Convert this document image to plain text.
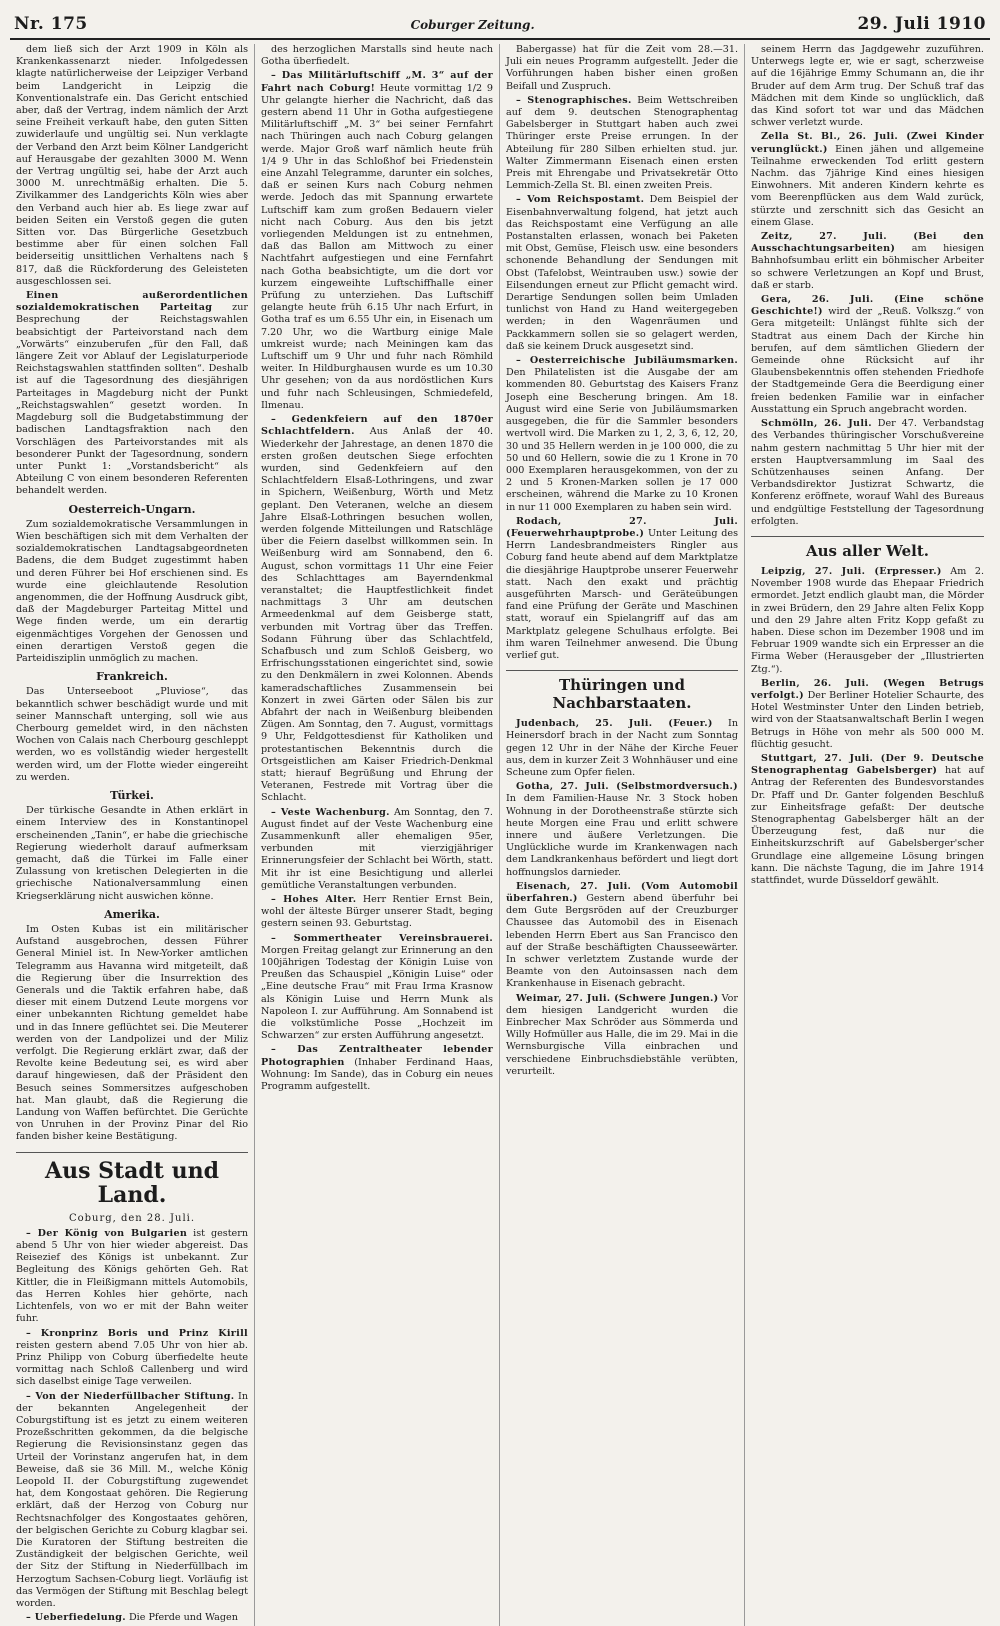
Nr. 175	Coburger Zeitung.	29. Juli 1910

dem ließ sich der Arzt 1909 in Köln als Krankenkassenarzt nieder. Infolgedessen klagte natürlicherweise der Leipziger Verband beim Landgericht in Leipzig die Konventionalstrafe ein. Das Gericht entschied aber, daß der Vertrag, indem nämlich der Arzt seine Freiheit verkauft habe, den guten Sitten zuwiderlaufe und ungültig sei. Nun verklagte der Verband den Arzt beim Kölner Landgericht auf Herausgabe der gezahlten 3000 M. Wenn der Vertrag ungültig sei, habe der Arzt auch 3000 M. unrechtmäßig erhalten. Die 5. Zivilkammer des Landgerichts Köln wies aber den Verband auch hier ab. Es liege zwar auf beiden Seiten ein Verstoß gegen die guten Sitten vor. Das Bürgerliche Gesetzbuch bestimme aber für einen solchen Fall beiderseitig unsittlichen Verhaltens nach § 817, daß die Rückforderung des Geleisteten ausgeschlossen sei.

Einen außerordentlichen sozialdemokratischen Parteitag zur Besprechung der Reichstagswahlen beabsichtigt der Parteivorstand nach dem „Vorwärts“ einzuberufen „für den Fall, daß längere Zeit vor Ablauf der Legislaturperiode Reichstagswahlen stattfinden sollten“. Deshalb ist auf die Tagesordnung des diesjährigen Parteitages in Magdeburg nicht der Punkt „Reichstagswahlen“ gesetzt worden. In Magdeburg soll die Budgetabstimmung der badischen Landtagsfraktion nach den Vorschlägen des Parteivorstandes mit als besonderer Punkt der Tagesordnung, sondern unter Punkt 1: „Vorstandsbericht“ als Abteilung C von einem besonderen Referenten behandelt werden.

Oesterreich-Ungarn.

Zum sozialdemokratische Versammlungen in Wien beschäftigen sich mit dem Verhalten der sozialdemokratischen Landtagsabgeordneten Badens, die dem Budget zugestimmt haben und deren Führer bei Hof erschienen sind. Es wurde eine gleichlautende Resolution angenommen, die der Hoffnung Ausdruck gibt, daß der Magdeburger Parteitag Mittel und Wege finden werde, um ein derartig eigenmächtiges Vorgehen der Genossen und einen derartigen Verstoß gegen die Parteidisziplin unmöglich zu machen.

Frankreich.

Das Unterseeboot „Pluviose“, das bekanntlich schwer beschädigt wurde und mit seiner Mannschaft unterging, soll wie aus Cherbourg gemeldet wird, in den nächsten Wochen von Calais nach Cherbourg geschleppt werden, wo es vollständig wieder hergestellt werden wird, um der Flotte wieder eingereiht zu werden.

Türkei.

Der türkische Gesandte in Athen erklärt in einem Interview des in Konstantinopel erscheinenden „Tanin“, er habe die griechische Regierung wiederholt darauf aufmerksam gemacht, daß die Türkei im Falle einer Zulassung von kretischen Delegierten in die griechische Nationalversammlung einen Kriegserklärung nicht auswichen könne.

Amerika.

Im Osten Kubas ist ein militärischer Aufstand ausgebrochen, dessen Führer General Miniel ist. In New-Yorker amtlichen Telegramm aus Havanna wird mitgeteilt, daß die Regierung über die Insurrektion des Generals und die Taktik erfahren habe, daß dieser mit einem Dutzend Leute morgens vor einer unbekannten Richtung gemeldet habe und in das Innere geflüchtet sei. Die Meuterer werden von der Landpolizei und der Miliz verfolgt. Die Regierung erklärt zwar, daß der Revolte keine Bedeutung sei, es wird aber darauf hingewiesen, daß der Präsident den Besuch seines Sommersitzes aufgeschoben hat. Man glaubt, daß die Regierung die Landung von Waffen befürchtet. Die Gerüchte von Unruhen in der Provinz Pinar del Rio fanden bisher keine Bestätigung.

Aus Stadt und Land.
Coburg, den 28. Juli.

– Der König von Bulgarien ist gestern abend 5 Uhr von hier wieder abgereist. Das Reisezief des Königs ist unbekannt. Zur Begleitung des Königs gehörten Geh. Rat Kittler, die in Fleißigmann mittels Automobils, das Herren Kohles hier gehörte, nach Lichtenfels, von wo er mit der Bahn weiter fuhr.

– Kronprinz Boris und Prinz Kirill reisten gestern abend 7.05 Uhr von hier ab. Prinz Philipp von Coburg überfiedelte heute vormittag nach Schloß Callenberg und wird sich daselbst einige Tage verweilen.

– Von der Niederfüllbacher Stiftung. In der bekannten Angelegenheit der Coburgstiftung ist es jetzt zu einem weiteren Prozeßschritten gekommen, da die belgische Regierung die Revisionsinstanz gegen das Urteil der Vorinstanz angerufen hat, in dem Beweise, daß sie 36 Mill. M., welche König Leopold II. der Coburgstiftung zugewendet hat, dem Kongostaat gehören. Die Regierung erklärt, daß der Herzog von Coburg nur Rechtsnachfolger des Kongostaates gehören, der belgischen Gerichte zu Coburg klagbar sei. Die Kuratoren der Stiftung bestreiten die Zuständigkeit der belgischen Gerichte, weil der Sitz der Stiftung in Niederfüllbach im Herzogtum Sachsen-Coburg liegt. Vorläufig ist das Vermögen der Stiftung mit Beschlag belegt worden.

– Ueberfiedelung. Die Pferde und Wagen

des herzoglichen Marstalls sind heute nach Gotha überfiedelt.

– Das Militärluftschiff „M. 3“ auf der Fahrt nach Coburg! Heute vormittag 1/2 9 Uhr gelangte hierher die Nachricht, daß das gestern abend 11 Uhr in Gotha aufgestiegene Militärluftschiff „M. 3“ bei seiner Fernfahrt nach Thüringen auch nach Coburg gelangen werde. Major Groß warf nämlich heute früh 1/4 9 Uhr in das Schloßhof bei Friedenstein eine Anzahl Telegramme, darunter ein solches, daß er seinen Kurs nach Coburg nehmen werde. Jedoch das mit Spannung erwartete Luftschiff kam zum großen Bedauern vieler nicht nach Coburg. Aus den bis jetzt vorliegenden Meldungen ist zu entnehmen, daß das Ballon am Mittwoch zu einer Nachtfahrt aufgestiegen und eine Fernfahrt nach Gotha beabsichtigte, um die dort vor kurzem eingeweihte Luftschiffhalle einer Prüfung zu unterziehen. Das Luftschiff gelangte heute früh 6.15 Uhr nach Erfurt, in Gotha traf es um 6.55 Uhr ein, in Eisenach um 7.20 Uhr, wo die Wartburg einige Male umkreist wurde; nach Meiningen kam das Luftschiff um 9 Uhr und fuhr nach Römhild weiter. In Hildburghausen wurde es um 10.30 Uhr gesehen; von da aus nordöstlichen Kurs und fuhr nach Schleusingen, Schmiedefeld, Ilmenau.

– Gedenkfeiern auf den 1870er Schlachtfeldern. Aus Anlaß der 40. Wiederkehr der Jahrestage, an denen 1870 die ersten großen deutschen Siege erfochten wurden, sind Gedenkfeiern auf den Schlachtfeldern Elsaß-Lothringens, und zwar in Spichern, Weißenburg, Wörth und Metz geplant. Den Veteranen, welche an diesem Jahre Elsaß-Lothringen besuchen wollen, werden folgende Mitteilungen und Ratschläge über die Feiern daselbst willkommen sein. In Weißenburg wird am Sonnabend, den 6. August, schon vormittags 11 Uhr eine Feier des Schlachttages am Bayerndenkmal veranstaltet; die Hauptfestlichkeit findet nachmittags 3 Uhr am deutschen Armeedenkmal auf dem Geisberge statt, verbunden mit Vortrag über das Treffen. Sodann Führung über das Schlachtfeld, Schafbusch und zum Schloß Geisberg, wo Erfrischungsstationen eingerichtet sind, sowie zu den Denkmälern in zwei Kolonnen. Abends kameradschaftliches Zusammensein bei Konzert in zwei Gärten oder Sälen bis zur Abfahrt der nach in Weißenburg bleibenden Zügen. Am Sonntag, den 7. August, vormittags 9 Uhr, Feldgottesdienst für Katholiken und protestantischen Bekenntnis durch die Ortsgeistlichen am Kaiser Friedrich-Denkmal statt; hierauf Begrüßung und Ehrung der Veteranen, Festrede mit Vortrag über die Schlacht.

– Veste Wachenburg. Am Sonntag, den 7. August findet auf der Veste Wachenburg eine Zusammenkunft aller ehemaligen 95er, verbunden mit vierzigjähriger Erinnerungsfeier der Schlacht bei Wörth, statt. Mit ihr ist eine Besichtigung und allerlei gemütliche Veranstaltungen verbunden.

– Hohes Alter. Herr Rentier Ernst Bein, wohl der älteste Bürger unserer Stadt, beging gestern seinen 93. Geburtstag.

– Sommertheater Vereinsbrauerei. Morgen Freitag gelangt zur Erinnerung an den 100jährigen Todestag der Königin Luise von Preußen das Schauspiel „Königin Luise“ oder „Eine deutsche Frau“ mit Frau Irma Krasnow als Königin Luise und Herrn Munk als Napoleon I. zur Aufführung. Am Sonnabend ist die volkstümliche Posse „Hochzeit im Schwarzen“ zur ersten Aufführung angesetzt.

– Das Zentraltheater lebender Photographien (Inhaber Ferdinand Haas, Wohnung: Im Sande), das in Coburg ein neues Programm aufgestellt.

Babergasse) hat für die Zeit vom 28.—31. Juli ein neues Programm aufgestellt. Jeder die Vorführungen haben bisher einen großen Beifall und Zuspruch.

– Stenographisches. Beim Wettschreiben auf dem 9. deutschen Stenographentag Gabelsberger in Stuttgart haben auch zwei Thüringer erste Preise errungen. In der Abteilung für 280 Silben erhielten stud. jur. Walter Zimmermann Eisenach einen ersten Preis mit Ehrengabe und Privatsekretär Otto Lemmich-Zella St. Bl. einen zweiten Preis.

– Vom Reichspostamt. Dem Beispiel der Eisenbahnverwaltung folgend, hat jetzt auch das Reichspostamt eine Verfügung an alle Postanstalten erlassen, wonach bei Paketen mit Obst, Gemüse, Fleisch usw. eine besonders schonende Behandlung der Sendungen mit Obst (Tafelobst, Weintrauben usw.) sowie der Eilsendungen erneut zur Pflicht gemacht wird. Derartige Sendungen sollen beim Umladen tunlichst von Hand zu Hand weitergegeben werden; in den Wagenräumen und Packkammern sollen sie so gelagert werden, daß sie keinem Druck ausgesetzt sind.

– Oesterreichische Jubiläumsmarken. Den Philatelisten ist die Ausgabe der am kommenden 80. Geburtstag des Kaisers Franz Joseph eine Bescherung bringen. Am 18. August wird eine Serie von Jubiläumsmarken ausgegeben, die für die Sammler besonders wertvoll wird. Die Marken zu 1, 2, 3, 6, 12, 20, 30 und 35 Hellern werden in je 100 000, die zu 50 und 60 Hellern, sowie die zu 1 Krone in 70 000 Exemplaren herausgekommen, von der zu 2 und 5 Kronen-Marken sollen je 17 000 erscheinen, während die Marke zu 10 Kronen in nur 11 000 Exemplaren zu haben sein wird.

Rodach, 27. Juli. (Feuerwehrhauptprobe.) Unter Leitung des Herrn Landesbrandmeisters Ringler aus Coburg fand heute abend auf dem Marktplatze die diesjährige Hauptprobe unserer Feuerwehr statt. Nach den exakt und prächtig ausgeführten Marsch- und Geräteübungen fand eine Prüfung der Geräte und Maschinen statt, worauf ein Spielangriff auf das am Marktplatz gelegene Schulhaus erfolgte. Bei ihm waren Teilnehmer anwesend. Die Übung verlief gut.

Thüringen und Nachbarstaaten.

Judenbach, 25. Juli. (Feuer.) In Heinersdorf brach in der Nacht zum Sonntag gegen 12 Uhr in der Nähe der Kirche Feuer aus, dem in kurzer Zeit 3 Wohnhäuser und eine Scheune zum Opfer fielen.

Gotha, 27. Juli. (Selbstmordversuch.) In dem Familien-Hause Nr. 3 Stock hoben Wohnung in der Dorotheenstraße stürzte sich heute Morgen eine Frau und erlitt schwere innere und äußere Verletzungen. Die Unglückliche wurde im Krankenwagen nach dem Landkrankenhaus befördert und liegt dort hoffnungslos darnieder.

Eisenach, 27. Juli. (Vom Automobil überfahren.) Gestern abend überfuhr bei dem Gute Bergsröden auf der Creuzburger Chaussee das Automobil des in Eisenach lebenden Herrn Ebert aus San Francisco den auf der Straße beschäftigten Chausseewärter. In schwer verletztem Zustande wurde der Beamte von den Autoinsassen nach dem Krankenhause in Eisenach gebracht.

Weimar, 27. Juli. (Schwere Jungen.) Vor dem hiesigen Landgericht wurden die Einbrecher Max Schröder aus Sömmerda und Willy Hofmüller aus Halle, die im 29. Mai in die Wernsburgische Villa einbrachen und verschiedene Einbruchsdiebstähle verübten, verurteilt.

seinem Herrn das Jagdgewehr zuzuführen. Unterwegs legte er, wie er sagt, scherzweise auf die 16jährige Emmy Schumann an, die ihr Bruder auf dem Arm trug. Der Schuß traf das Mädchen mit dem Kinde so unglücklich, daß das Kind sofort tot war und das Mädchen schwer verletzt wurde.

Zella St. Bl., 26. Juli. (Zwei Kinder verunglückt.) Einen jähen und allgemeine Teilnahme erweckenden Tod erlitt gestern Nachm. das 7jährige Kind eines hiesigen Einwohners. Mit anderen Kindern kehrte es vom Beerenpflücken aus dem Wald zurück, stürzte und zerschnitt sich das Gesicht an einem Glase.

Zeitz, 27. Juli. (Bei den Ausschachtungsarbeiten) am hiesigen Bahnhofsumbau erlitt ein böhmischer Arbeiter so schwere Verletzungen an Kopf und Brust, daß er starb.

Gera, 26. Juli. (Eine schöne Geschichte!) wird der „Reuß. Volkszg.“ von Gera mitgeteilt: Unlängst fühlte sich der Stadtrat aus einem Dach der Kirche hin berufen, auf dem sämtlichen Gliedern der Gemeinde ohne Rücksicht auf ihr Glaubensbekenntnis offen stehenden Friedhofe der Stadtgemeinde Gera die Beerdigung einer freien bedenken Familie war in einfacher Ausstattung ein Spruch angebracht worden.

Schmölln, 26. Juli. Der 47. Verbandstag des Verbandes thüringischer Vorschußvereine nahm gestern nachmittag 5 Uhr hier mit der ersten Hauptversammlung im Saal des Schützenhauses seinen Anfang. Der Verbandsdirektor Justizrat Schwartz, die Konferenz eröffnete, worauf Wahl des Bureaus und endgültige Feststellung der Tagesordnung erfolgten.

Aus aller Welt.

Leipzig, 27. Juli. (Erpresser.) Am 2. November 1908 wurde das Ehepaar Friedrich ermordet. Jetzt endlich glaubt man, die Mörder in zwei Brüdern, den 29 Jahre alten Felix Kopp und den 29 Jahre alten Fritz Kopp gefaßt zu haben. Diese schon im Dezember 1908 und im Februar 1909 wandte sich ein Erpresser an die Firma Weber (Herausgeber der „Illustrierten Ztg.“).

Berlin, 26. Juli. (Wegen Betrugs verfolgt.) Der Berliner Hotelier Schaurte, des Hotel Westminster Unter den Linden betrieb, wird von der Staatsanwaltschaft Berlin I wegen Betrugs in Höhe von mehr als 500 000 M. flüchtig gesucht.

Stuttgart, 27. Juli. (Der 9. Deutsche Stenographentag Gabelsberger) hat auf Antrag der Referenten des Bundesvorstandes Dr. Pfaff und Dr. Ganter folgenden Beschluß zur Einheitsfrage gefaßt: Der deutsche Stenographentag Gabelsberger hält an der Überzeugung fest, daß nur die Einheitskurzschrift auf Gabelsberger'scher Grundlage eine allgemeine Lösung bringen kann. Die nächste Tagung, die im Jahre 1914 stattfindet, wurde Düsseldorf gewählt.
